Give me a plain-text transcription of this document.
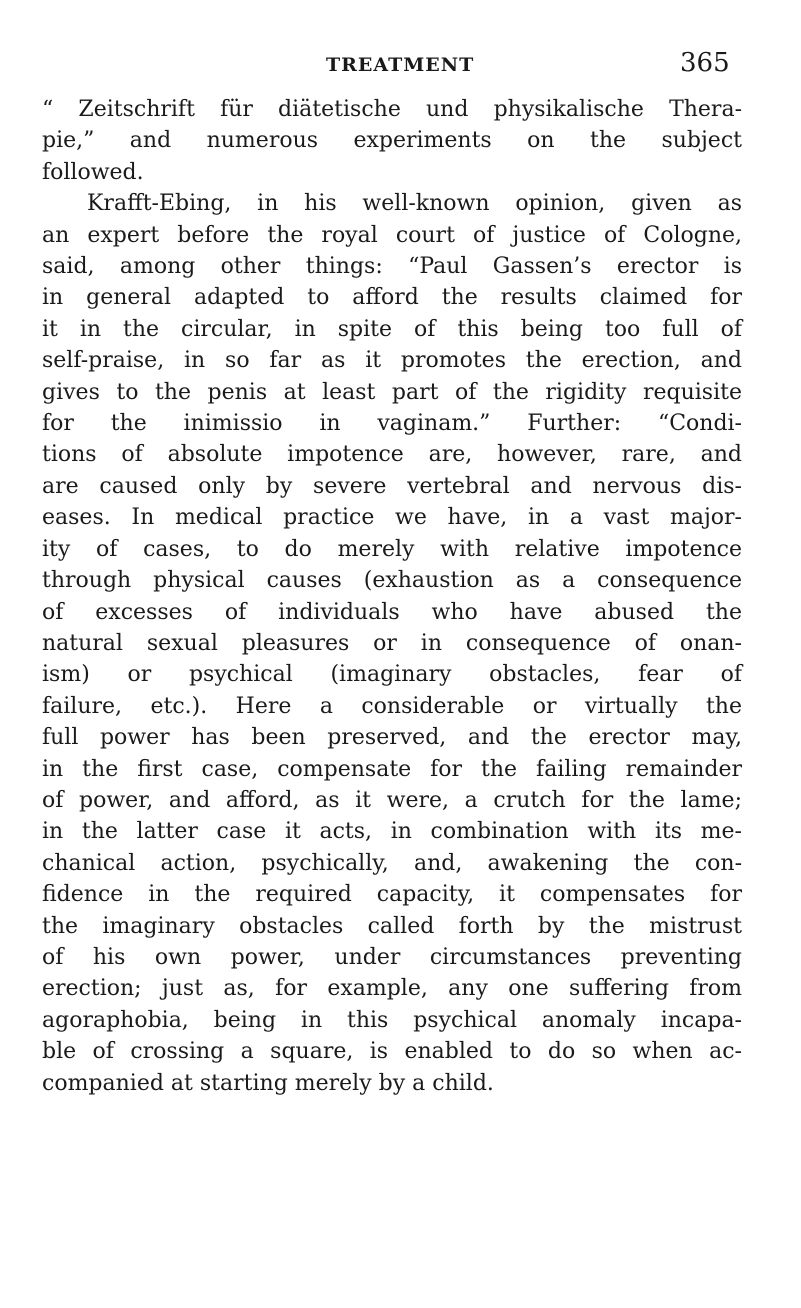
TREATMENT	365
“ Zeitschrift für diätetische und physikalische Thera-
pie,” and numerous experiments on the subject
followed.
Krafft-Ebing, in his well-known opinion, given as
an expert before the royal court of justice of Cologne,
said, among other things: “Paul Gassen’s erector is
in general adapted to afford the results claimed for
it in the circular, in spite of this being too full of
self-praise, in so far as it promotes the erection, and
gives to the penis at least part of the rigidity requisite
for the inimissio in vaginam.” Further: “Condi-
tions of absolute impotence are, however, rare, and
are caused only by severe vertebral and nervous dis-
eases. In medical practice we have, in a vast major-
ity of cases, to do merely with relative impotence
through physical causes (exhaustion as a consequence
of excesses of individuals who have abused the
natural sexual pleasures or in consequence of onan-
ism) or psychical (imaginary obstacles, fear of
failure, etc.). Here a considerable or virtually the
full power has been preserved, and the erector may,
in the first case, compensate for the failing remainder
of power, and afford, as it were, a crutch for the lame;
in the latter case it acts, in combination with its me-
chanical action, psychically, and, awakening the con-
fidence in the required capacity, it compensates for
the imaginary obstacles called forth by the mistrust
of his own power, under circumstances preventing
erection; just as, for example, any one suffering from
agoraphobia, being in this psychical anomaly incapa-
ble of crossing a square, is enabled to do so when ac-
companied at starting merely by a child.
